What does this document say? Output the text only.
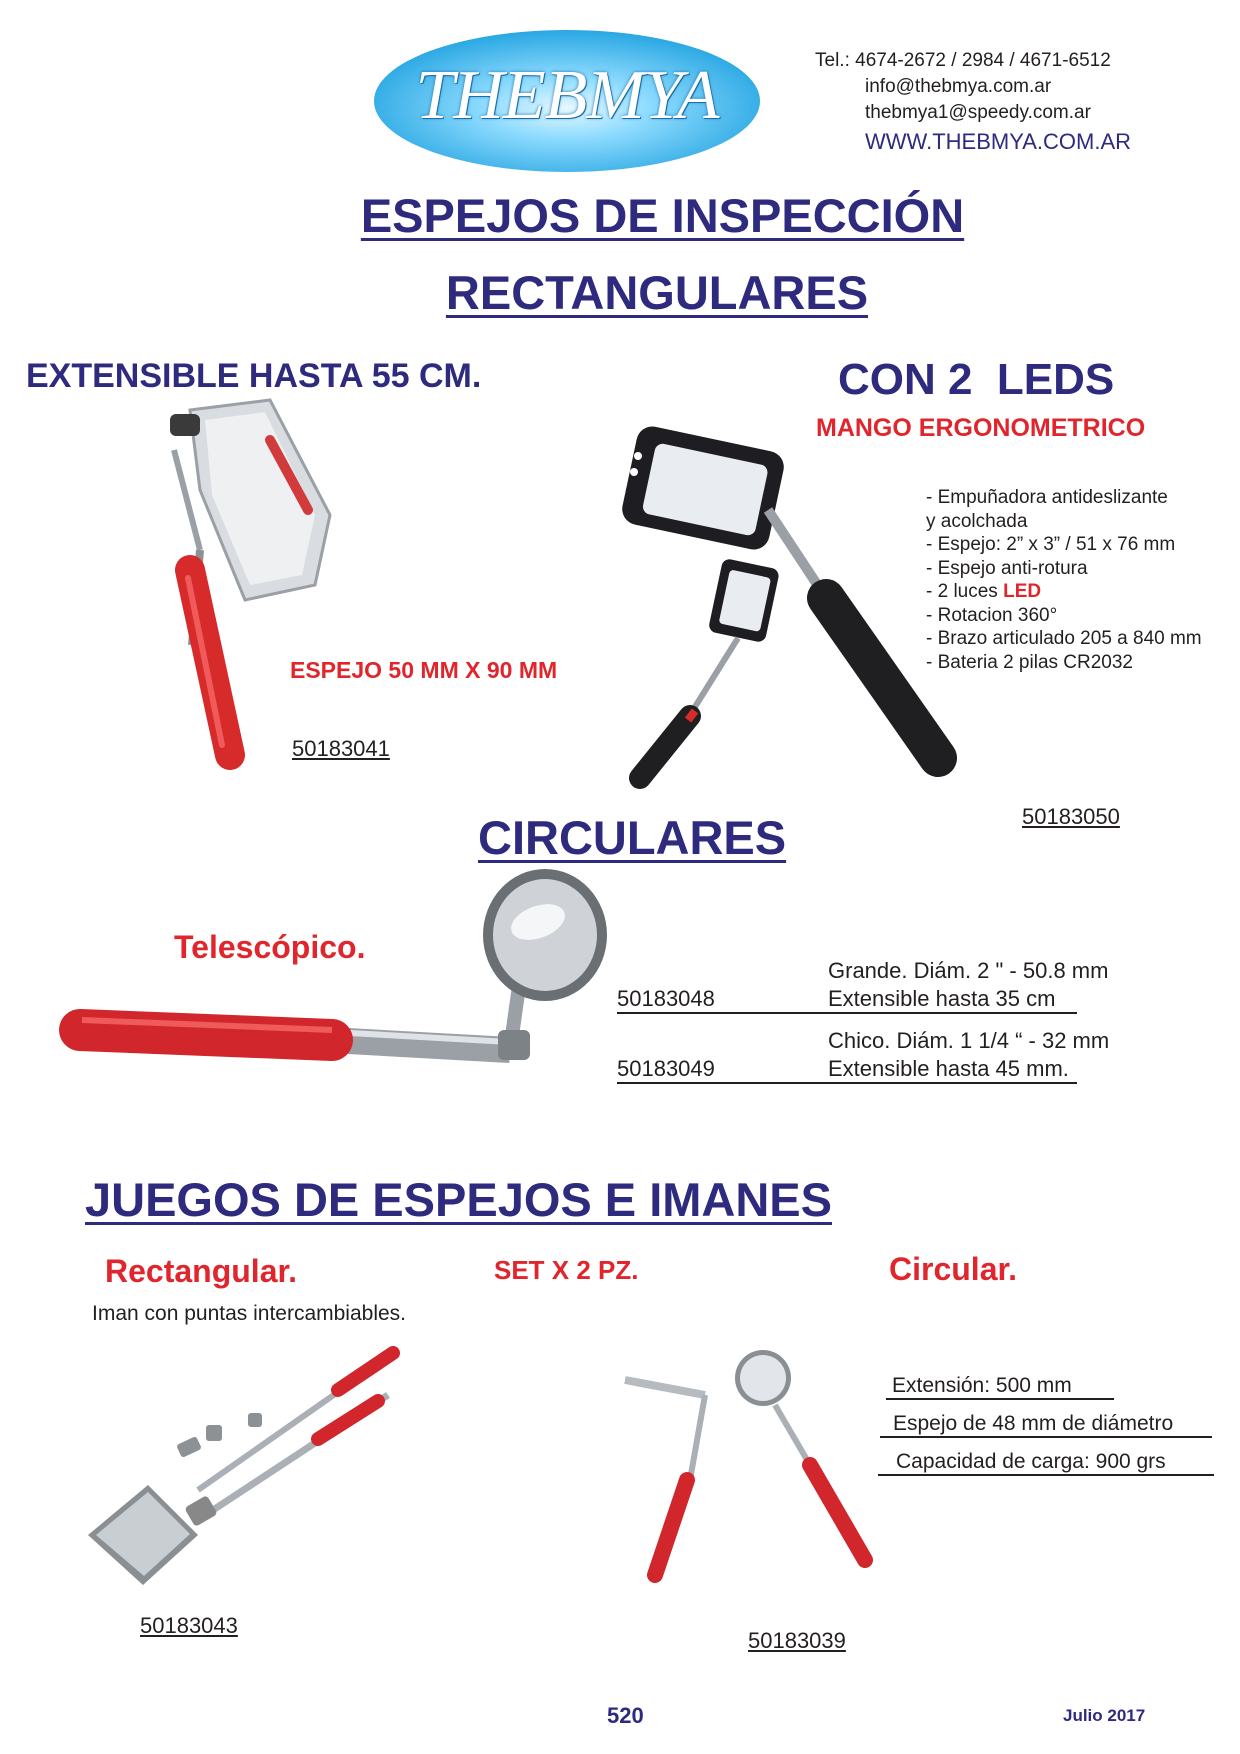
THEBMYA	Tel.: 4674-2672 / 2984 / 4671-6512
info@thebmya.com.ar
thebmya1@speedy.com.ar
WWW.THEBMYA.COM.AR
ESPEJOS DE INSPECCIÓN
RECTANGULARES
EXTENSIBLE HASTA 55 CM.
ESPEJO 50 MM X 90 MM
50183041
CON 2  LEDS
MANGO ERGONOMETRICO
- Empuñadora antideslizante
y acolchada
- Espejo: 2” x 3” / 51 x 76 mm
- Espejo anti-rotura
- 2 luces LED
- Rotacion 360°
- Brazo articulado 205 a 840 mm
- Bateria 2 pilas CR2032
50183050
CIRCULARES
Telescópico.
Grande. Diám. 2 " - 50.8 mm
50183048	Extensible hasta 35 cm
Chico. Diám. 1 1/4 “ - 32 mm
50183049	Extensible hasta 45 mm.
JUEGOS DE ESPEJOS E IMANES
Rectangular.	SET X 2 PZ.	Circular.
Iman con puntas intercambiables.
50183043
Extensión: 500 mm
Espejo de 48 mm de diámetro
Capacidad de carga: 900 grs
50183039
520	Julio 2017
